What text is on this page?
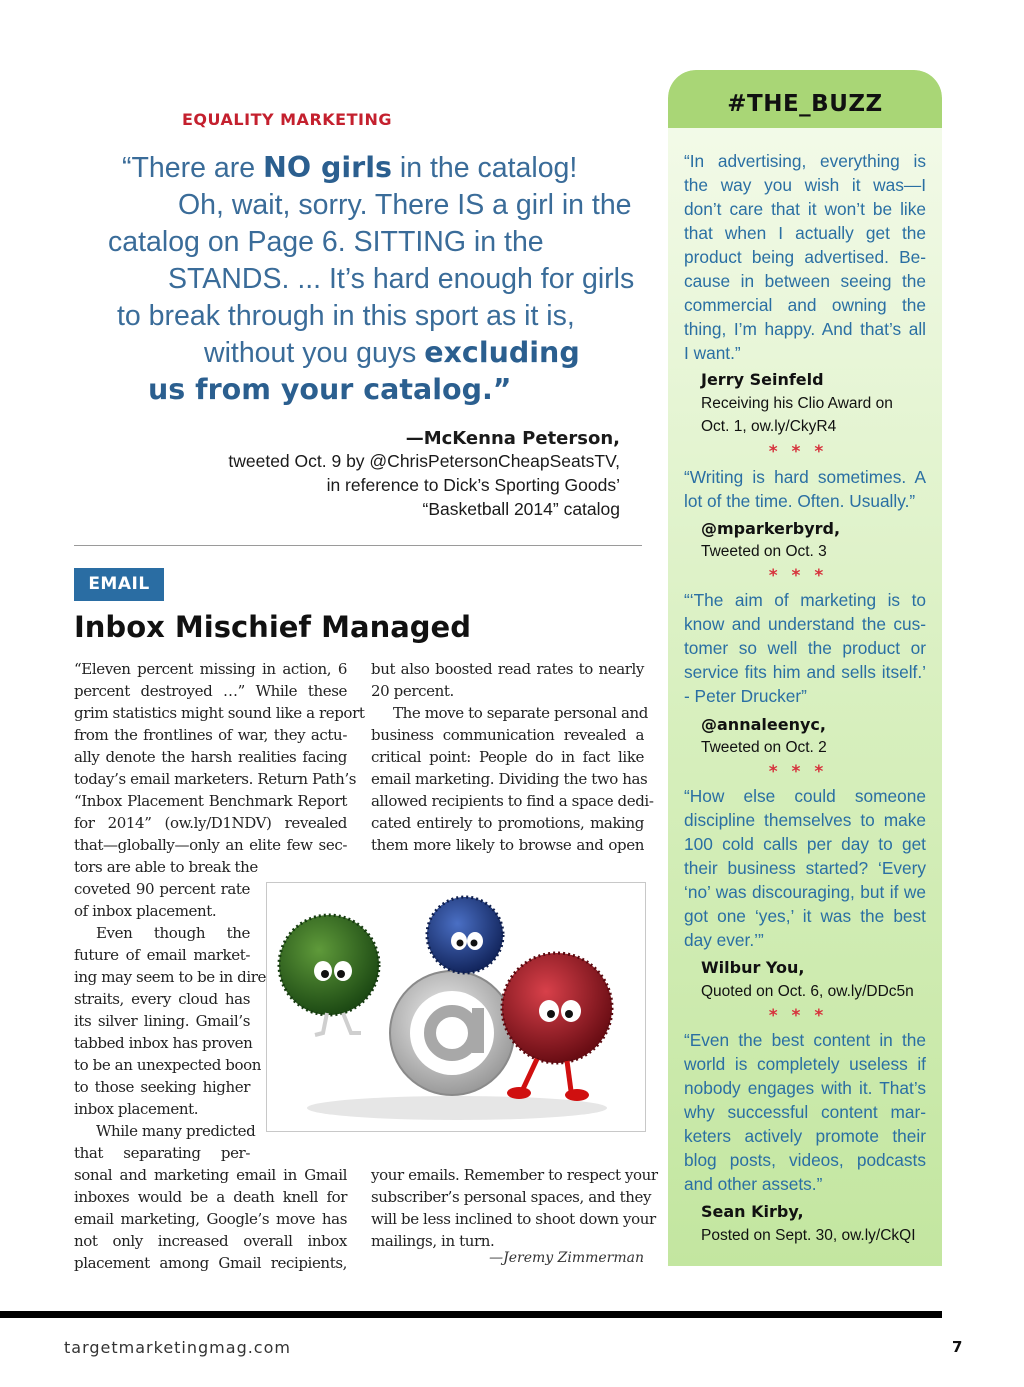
EQUALITY MARKETING
“There are NO girls in the catalog!
Oh, wait, sorry. There IS a girl in the
catalog on Page 6. SITTING in the
STANDS. ... It’s hard enough for girls
to break through in this sport as it is,
without you guys excluding
us from your catalog.”
—McKenna Peterson,
tweeted Oct. 9 by @ChrisPetersonCheapSeatsTV,
in reference to Dick’s Sporting Goods’
“Basketball 2014” catalog
EMAIL
Inbox Mischief Managed
“Eleven percent missing in action, 6
percent destroyed …” While these
grim statistics might sound like a report
from the frontlines of war, they actu-
ally denote the harsh realities facing
today’s email marketers. Return Path’s
“Inbox Placement Benchmark Report
for 2014” (ow.ly/D1NDV) revealed
that—globally—only an elite few sec-
tors are able to break the
coveted 90 percent rate
of inbox placement.
Even though the
future of email market-
ing may seem to be in dire
straits, every cloud has
its silver lining. Gmail’s
tabbed inbox has proven
to be an unexpected boon
to those seeking higher
inbox placement.
While many predicted
that separating per-
sonal and marketing email in Gmail
inboxes would be a death knell for
email marketing, Google’s move has
not only increased overall inbox
placement among Gmail recipients,
but also boosted read rates to nearly
20 percent.
The move to separate personal and
business communication revealed a
critical point: People do in fact like
email marketing. Dividing the two has
allowed recipients to find a space dedi-
cated entirely to promotions, making
them more likely to browse and open
your emails. Remember to respect your
subscriber’s personal spaces, and they
will be less inclined to shoot down your
mailings, in turn.
—Jeremy Zimmerman
#THE_BUZZ
“In advertising, everything is
the way you wish it was—I
don’t care that it won’t be like
that when I actually get the
product being advertised. Be-
cause in between seeing the
commercial and owning the
thing, I’m happy. And that’s all
I want.”
Jerry Seinfeld
Receiving his Clio Award on
Oct. 1, ow.ly/CkyR4
* * *
“Writing is hard sometimes. A
lot of the time. Often. Usually.”
@mparkerbyrd,
Tweeted on Oct. 3
* * *
“‘The aim of marketing is to
know and understand the cus-
tomer so well the product or
service fits him and sells itself.’
- Peter Drucker”
@annaleenyc,
Tweeted on Oct. 2
* * *
“How else could someone
discipline themselves to make
100 cold calls per day to get
their business started? ‘Every
‘no’ was discouraging, but if we
got one ‘yes,’ it was the best
day ever.’”
Wilbur You,
Quoted on Oct. 6, ow.ly/DDc5n
* * *
“Even the best content in the
world is completely useless if
nobody engages with it. That’s
why successful content mar-
keters actively promote their
blog posts, videos, podcasts
and other assets.”
Sean Kirby,
Posted on Sept. 30, ow.ly/CkQI
targetmarketingmag.com	7
